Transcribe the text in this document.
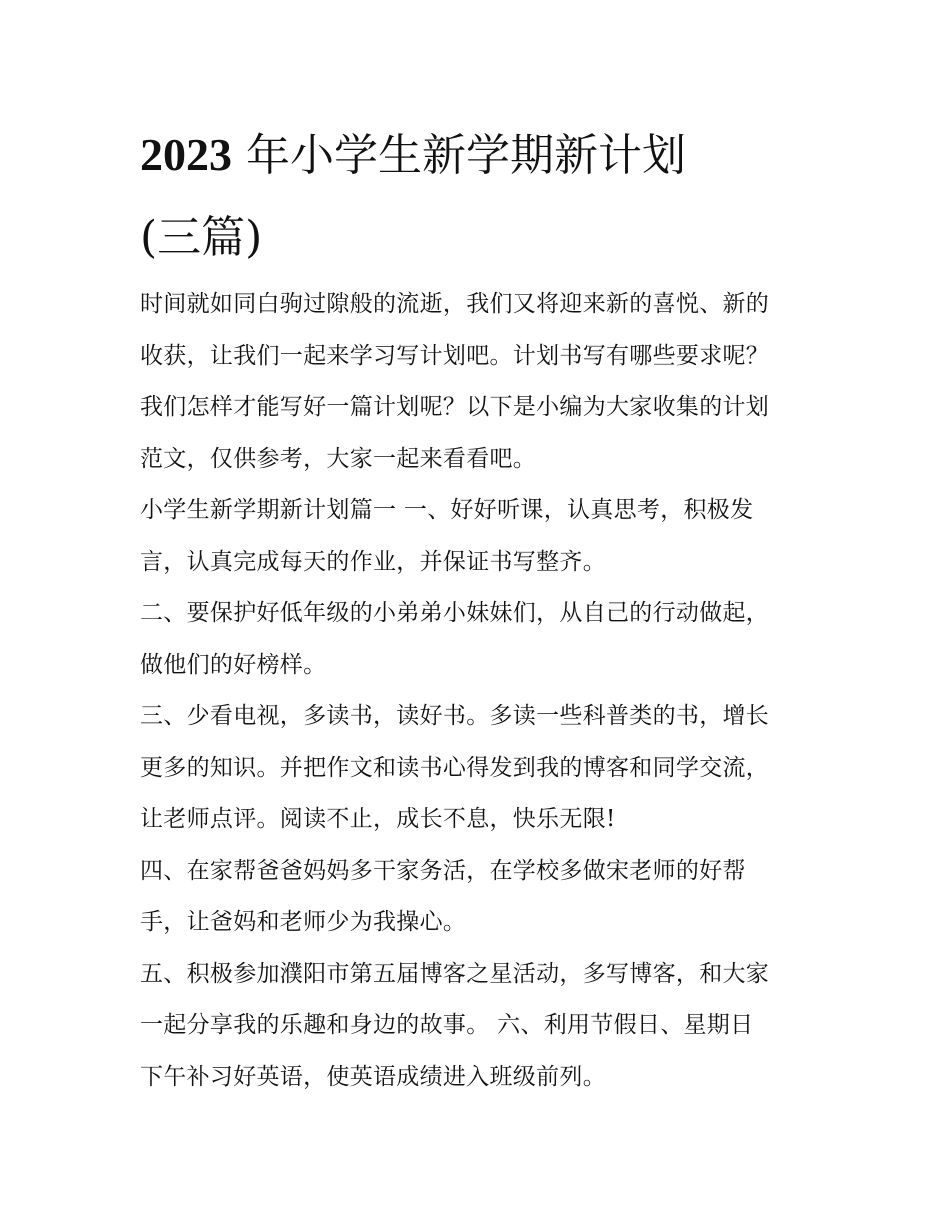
2023 年小学生新学期新计划
(三篇)
时间就如同白驹过隙般的流逝，我们又将迎来新的喜悦、新的
收获，让我们一起来学习写计划吧。计划书写有哪些要求呢？
我们怎样才能写好一篇计划呢？以下是小编为大家收集的计划
范文，仅供参考，大家一起来看看吧。
小学生新学期新计划篇一 一、好好听课，认真思考，积极发
言，认真完成每天的作业，并保证书写整齐。
二、要保护好低年级的小弟弟小妹妹们，从自己的行动做起，
做他们的好榜样。
三、少看电视，多读书，读好书。多读一些科普类的书，增长
更多的知识。并把作文和读书心得发到我的博客和同学交流，
让老师点评。阅读不止，成长不息，快乐无限!
四、在家帮爸爸妈妈多干家务活，在学校多做宋老师的好帮
手，让爸妈和老师少为我操心。
五、积极参加濮阳市第五届博客之星活动，多写博客，和大家
一起分享我的乐趣和身边的故事。 六、利用节假日、星期日
下午补习好英语，使英语成绩进入班级前列。
